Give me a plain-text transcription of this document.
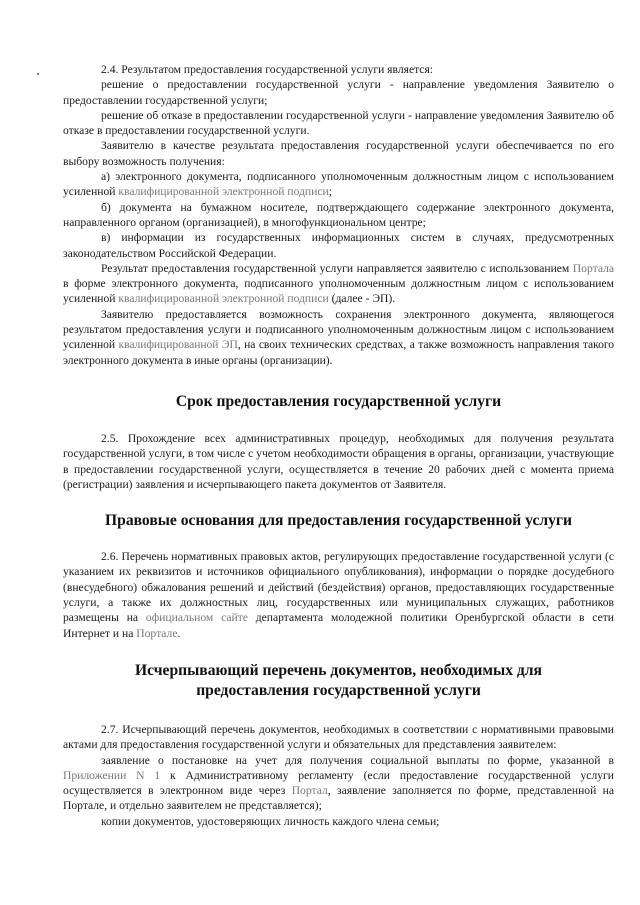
2.4. Результатом предоставления государственной услуги является:

решение о предоставлении государственной услуги - направление уведомления Заявителю о предоставлении государственной услуги;

решение об отказе в предоставлении государственной услуги - направление уведомления Заявителю об отказе в предоставлении государственной услуги.

Заявителю в качестве результата предоставления государственной услуги обеспечивается по его выбору возможность получения:

а) электронного документа, подписанного уполномоченным должностным лицом с использованием усиленной квалифицированной электронной подписи;

б) документа на бумажном носителе, подтверждающего содержание электронного документа, направленного органом (организацией), в многофункциональном центре;

в) информации из государственных информационных систем в случаях, предусмотренных законодательством Российской Федерации.

Результат предоставления государственной услуги направляется заявителю с использованием Портала в форме электронного документа, подписанного уполномоченным должностным лицом с использованием усиленной квалифицированной электронной подписи (далее - ЭП).

Заявителю предоставляется возможность сохранения электронного документа, являющегося результатом предоставления услуги и подписанного уполномоченным должностным лицом с использованием усиленной квалифицированной ЭП, на своих технических средствах, а также возможность направления такого электронного документа в иные органы (организации).

Срок предоставления государственной услуги

2.5. Прохождение всех административных процедур, необходимых для получения результата государственной услуги, в том числе с учетом необходимости обращения в органы, организации, участвующие в предоставлении государственной услуги, осуществляется в течение 20 рабочих дней с момента приема (регистрации) заявления и исчерпывающего пакета документов от Заявителя.

Правовые основания для предоставления государственной услуги

2.6. Перечень нормативных правовых актов, регулирующих предоставление государственной услуги (с указанием их реквизитов и источников официального опубликования), информации о порядке досудебного (внесудебного) обжалования решений и действий (бездействия) органов, предоставляющих государственные услуги, а также их должностных лиц, государственных или муниципальных служащих, работников размещены на официальном сайте департамента молодежной политики Оренбургской области в сети Интернет и на Портале.

Исчерпывающий перечень документов, необходимых для
предоставления государственной услуги

2.7. Исчерпывающий перечень документов, необходимых в соответствии с нормативными правовыми актами для предоставления государственной услуги и обязательных для представления заявителем:

заявление о постановке на учет для получения социальной выплаты по форме, указанной в Приложении N 1 к Административному регламенту (если предоставление государственной услуги осуществляется в электронном виде через Портал, заявление заполняется по форме, представленной на Портале, и отдельно заявителем не представляется);

копии документов, удостоверяющих личность каждого члена семьи;
